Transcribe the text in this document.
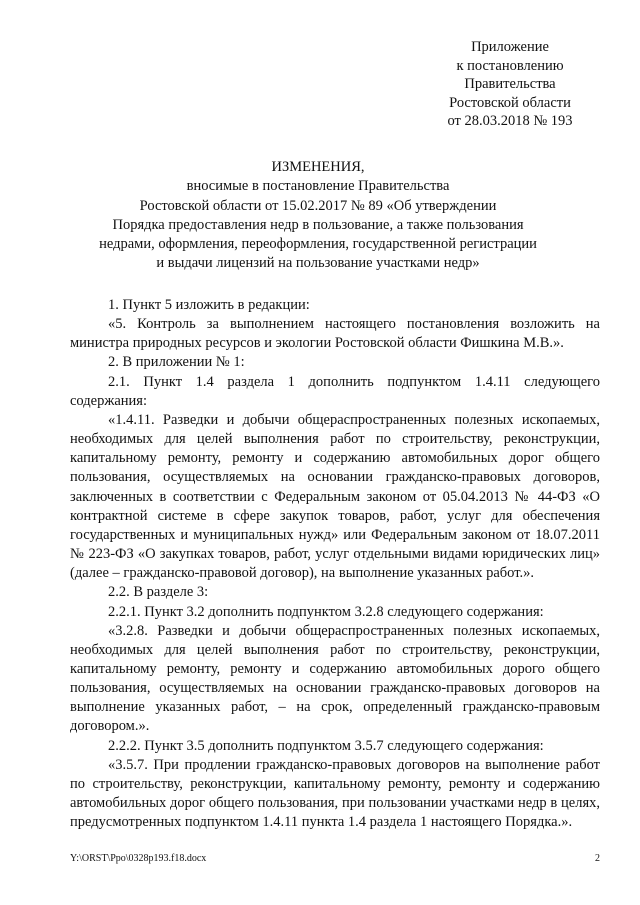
Приложение
к постановлению
Правительства
Ростовской области
от 28.03.2018 № 193
ИЗМЕНЕНИЯ,
вносимые в постановление Правительства
Ростовской области от 15.02.2017 № 89 «Об утверждении
Порядка предоставления недр в пользование, а также пользования
недрами, оформления, переоформления, государственной регистрации
и выдачи лицензий на пользование участками недр»
1. Пункт 5 изложить в редакции:
«5. Контроль за выполнением настоящего постановления возложить на министра природных ресурсов и экологии Ростовской области Фишкина М.В.».
2. В приложении № 1:
2.1. Пункт 1.4 раздела 1 дополнить подпунктом 1.4.11 следующего содержания:
«1.4.11. Разведки и добычи общераспространенных полезных ископаемых, необходимых для целей выполнения работ по строительству, реконструкции, капитальному ремонту, ремонту и содержанию автомобильных дорог общего пользования, осуществляемых на основании гражданско-правовых договоров, заключенных в соответствии с Федеральным законом от 05.04.2013 № 44-ФЗ «О контрактной системе в сфере закупок товаров, работ, услуг для обеспечения государственных и муниципальных нужд» или Федеральным законом от 18.07.2011 № 223-ФЗ «О закупках товаров, работ, услуг отдельными видами юридических лиц» (далее – гражданско-правовой договор), на выполнение указанных работ.».
2.2. В разделе 3:
2.2.1. Пункт 3.2 дополнить подпунктом 3.2.8 следующего содержания:
«3.2.8. Разведки и добычи общераспространенных полезных ископаемых, необходимых для целей выполнения работ по строительству, реконструкции, капитальному ремонту, ремонту и содержанию автомобильных дорого общего пользования, осуществляемых на основании гражданско-правовых договоров на выполнение указанных работ, – на срок, определенный гражданско-правовым договором.».
2.2.2. Пункт 3.5 дополнить подпунктом 3.5.7 следующего содержания:
«3.5.7. При продлении гражданско-правовых договоров на выполнение работ по строительству, реконструкции, капитальному ремонту, ремонту и содержанию автомобильных дорог общего пользования, при пользовании участками недр в целях, предусмотренных подпунктом 1.4.11 пункта 1.4 раздела 1 настоящего Порядка.».
Y:\ORST\Ppo\0328p193.f18.docx	2
